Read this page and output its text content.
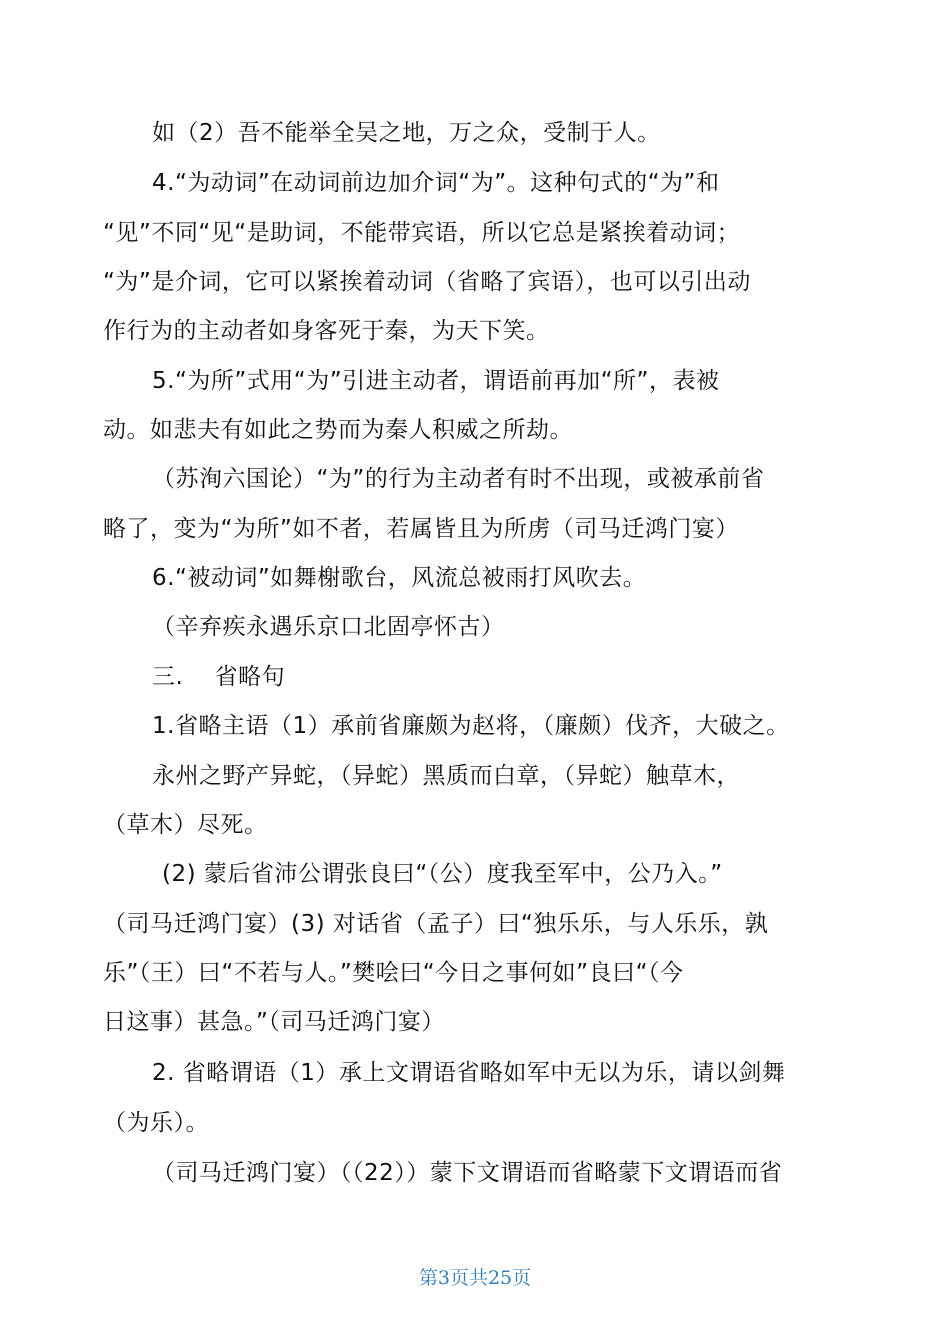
如（2）吾不能举全吴之地，万之众，受制于人。
4.“为动词”在动词前边加介词“为”。这种句式的“为”和
“见”不同“见“是助词，不能带宾语，所以它总是紧挨着动词；
“为”是介词，它可以紧挨着动词（省略了宾语），也可以引出动
作行为的主动者如身客死于秦，为天下笑。
5.“为所”式用“为”引进主动者，谓语前再加“所”，表被
动。如悲夫有如此之势而为秦人积威之所劫。
（苏洵六国论）“为”的行为主动者有时不出现，或被承前省
略了，变为“为所”如不者，若属皆且为所虏（司马迁鸿门宴）
6.“被动词”如舞榭歌台，风流总被雨打风吹去。
（辛弃疾永遇乐京口北固亭怀古）
三.　 省略句
1.省略主语（1）承前省廉颇为赵将，（廉颇）伐齐，大破之。
永州之野产异蛇，（异蛇）黑质而白章，（异蛇）触草木，
（草木）尽死。
(2) 蒙后省沛公谓张良曰“（公）度我至军中，公乃入。”
（司马迁鸿门宴）(3) 对话省（孟子）曰“独乐乐，与人乐乐，孰
乐”（王）曰“不若与人。”樊哙曰“今日之事何如”良曰“（今
日这事）甚急。”（司马迁鸿门宴）
2. 省略谓语（1）承上文谓语省略如军中无以为乐，请以剑舞
（为乐）。
（司马迁鸿门宴）（（22））蒙下文谓语而省略蒙下文谓语而省
第3页共25页
